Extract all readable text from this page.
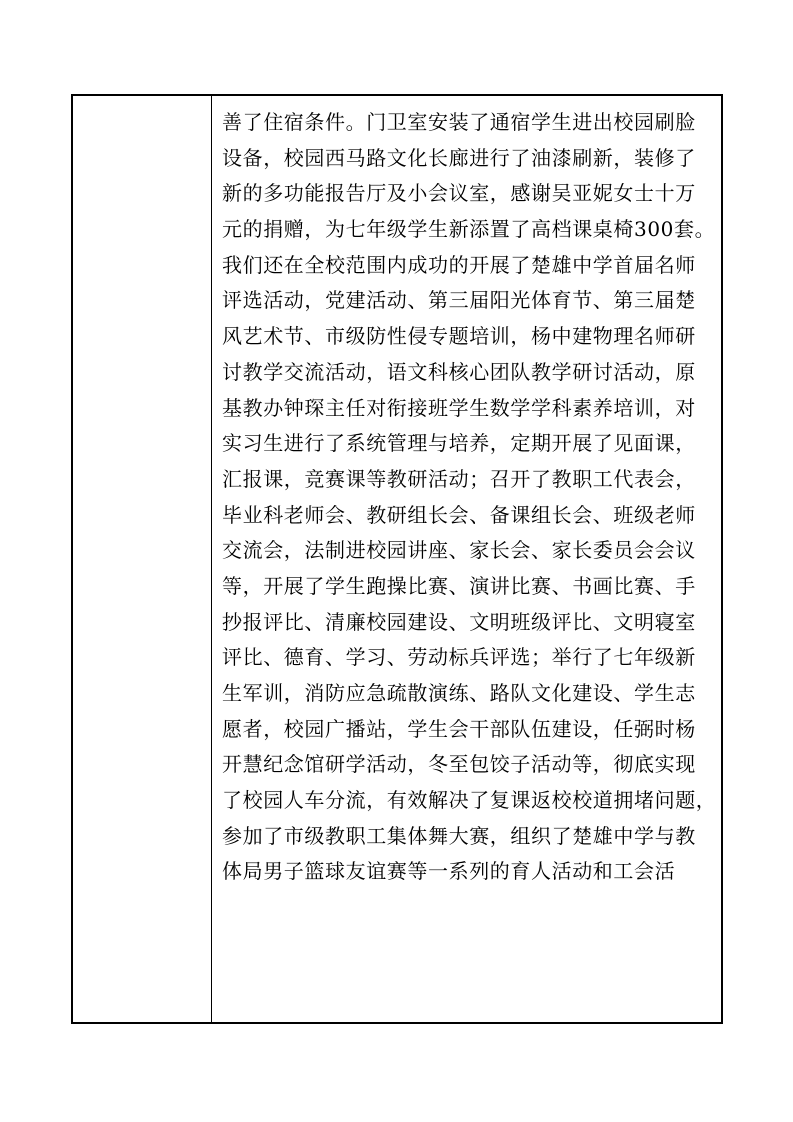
善了住宿条件。门卫室安装了通宿学生进出校园刷脸
设备，校园西马路文化长廊进行了油漆刷新，装修了
新的多功能报告厅及小会议室，感谢吴亚妮女士十万
元的捐赠，为七年级学生新添置了高档课桌椅300套。
我们还在全校范围内成功的开展了楚雄中学首届名师
评选活动，党建活动、第三届阳光体育节、第三届楚
风艺术节、市级防性侵专题培训，杨中建物理名师研
讨教学交流活动，语文科核心团队教学研讨活动，原
基教办钟琛主任对衔接班学生数学学科素养培训，对
实习生进行了系统管理与培养，定期开展了见面课，
汇报课，竞赛课等教研活动；召开了教职工代表会，
毕业科老师会、教研组长会、备课组长会、班级老师
交流会，法制进校园讲座、家长会、家长委员会会议
等，开展了学生跑操比赛、演讲比赛、书画比赛、手
抄报评比、清廉校园建设、文明班级评比、文明寝室
评比、德育、学习、劳动标兵评选；举行了七年级新
生军训，消防应急疏散演练、路队文化建设、学生志
愿者，校园广播站，学生会干部队伍建设，任弼时杨
开慧纪念馆研学活动，冬至包饺子活动等，彻底实现
了校园人车分流，有效解决了复课返校校道拥堵问题，
参加了市级教职工集体舞大赛，组织了楚雄中学与教
体局男子篮球友谊赛等一系列的育人活动和工会活
